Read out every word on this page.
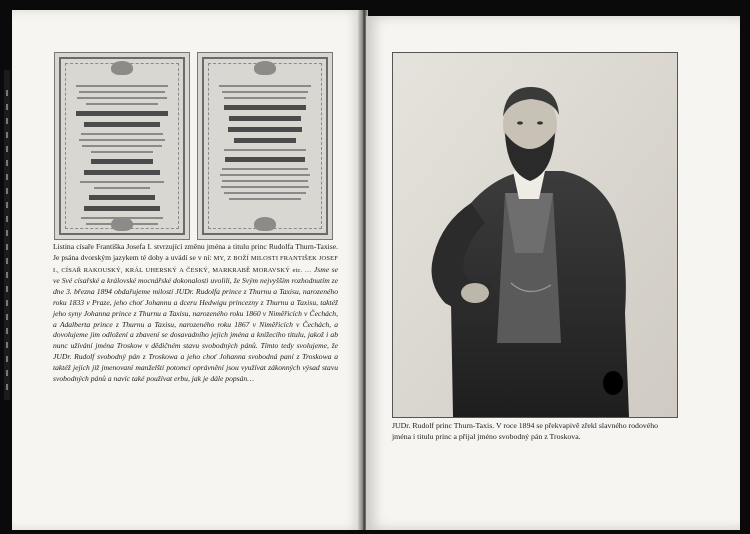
Listina císaře Františka Josefa I. stvrzující změnu jména a titulu princ Rudolfa Thurn-Taxise. Je psána dvorským jazykem té doby a uvádí se v ní: MY, Z BOŽÍ MILOSTI FRANTIŠEK JOSEF I., CÍSAŘ RAKOUSKÝ, KRÁL UHERSKÝ A ČESKÝ, MARKRABĚ MORAVSKÝ etc. … Jsme se ve Své císařské a královské mocnářské dokonalosti uvolili, že Svým nejvyšším rozhodnutím ze dne 3. března 1894 obdařujeme milostí JUDr. Rudolfa prince z Thurnu a Taxisu, narozeného roku 1833 v Praze, jeho choť Johannu a dceru Hedwigu princezny z Thurnu a Taxisu, taktéž jeho syny Johanna prince z Thurnu a Taxisu, narozeného roku 1860 v Niměřicích v Čechách, a Adalberta prince z Thurnu a Taxisu, narozeného roku 1867 v Niměřicích v Čechách, a dovolujeme jim odložení a zbavení se dosavadního jejich jména a knížecího titulu, jakož i ab nunc užívání jména Troskow v dědičném stavu svobodných pánů. Tímto tedy svolujeme, že JUDr. Rudolf svobodný pán z Troskowa a jeho choť Johanna svobodná paní z Troskowa a taktéž jejich již jmenovaní manželští potomci oprávnění jsou využívat zákonných výsad stavu svobodných pánů a navíc také používat erbu, jak je dále popsán…
JUDr. Rudolf princ Thurn-Taxis. V roce 1894 se překvapivě zřekl slavného rodového jména i titulu princ a přijal jméno svobodný pán z Troskova.
